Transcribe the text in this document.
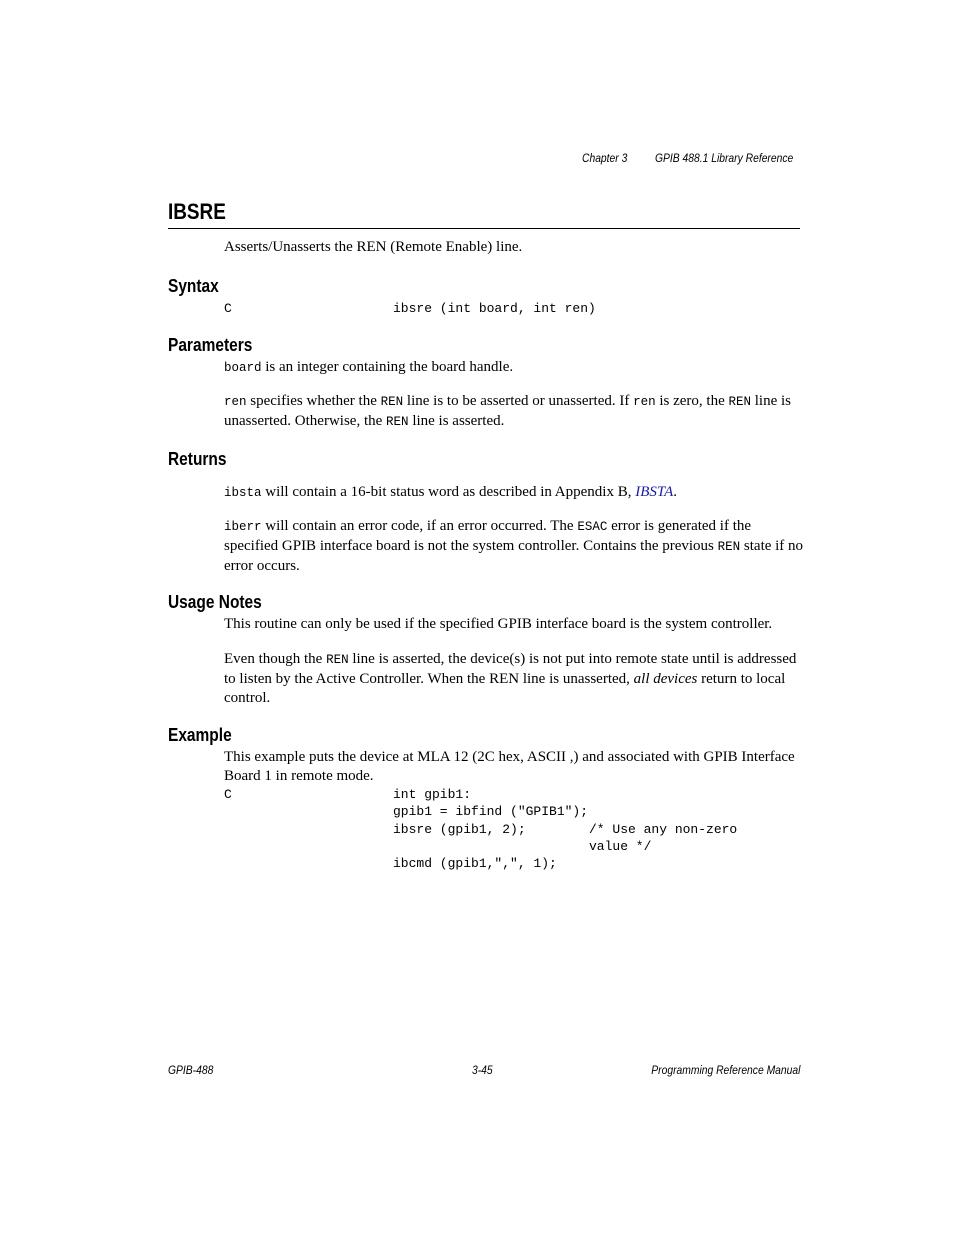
Chapter 3 GPIB 488.1 Library Reference
IBSRE

Asserts/Unasserts the REN (Remote Enable) line.

Syntax
C	ibsre (int board, int ren)
Parameters

board is an integer containing the board handle.

ren specifies whether the REN line is to be asserted or unasserted. If ren is zero, the REN line is unasserted. Otherwise, the REN line is asserted.

Returns

ibsta will contain a 16-bit status word as described in Appendix B, IBSTA.

iberr will contain an error code, if an error occurred. The ESAC error is generated if the specified GPIB interface board is not the system controller. Contains the previous REN state if no error occurs.

Usage Notes

This routine can only be used if the specified GPIB interface board is the system controller.

Even though the REN line is asserted, the device(s) is not put into remote state until is addressed to listen by the Active Controller. When the REN line is unasserted, all devices return to local control.

Example

This example puts the device at MLA 12 (2C hex, ASCII ,) and associated with GPIB Interface Board 1 in remote mode.

C	int gpib1:
gpib1 = ibfind ("GPIB1");
ibsre (gpib1, 2);	/* Use any non-zero
value */
ibcmd (gpib1,",", 1);
GPIB-488	3-45	Programming Reference Manual
